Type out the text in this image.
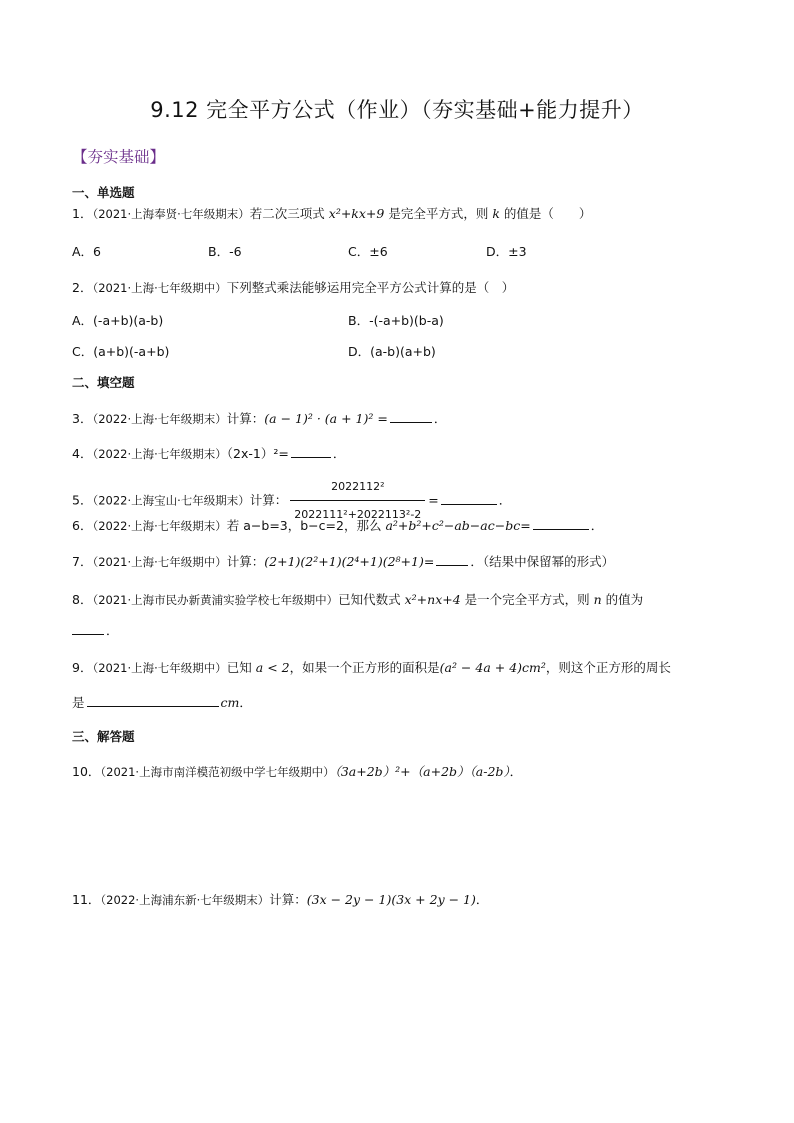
9.12 完全平方公式（作业）（夯实基础+能力提升）
【夯实基础】
一、单选题
1．（2021·上海奉贤·七年级期末）若二次三项式 x²+kx+9 是完全平方式，则 k 的值是（　　）
A．6	B．-6	C．±6	D．±3
2．（2021·上海·七年级期中）下列整式乘法能够运用完全平方公式计算的是（　）
A．(-a+b)(a-b)	B．-(-a+b)(b-a)
C．(a+b)(-a+b)	D．(a-b)(a+b)
二、填空题
3．（2022·上海·七年级期末）计算：(a − 1)² · (a + 1)² =	．
4．（2022·上海·七年级期末）（2x-1）²=	．
5．（2022·上海宝山·七年级期末）计算： $\frac{\text{2022112²}}{\text{2022111²+2022113²-2}}$ =	．
6．（2022·上海·七年级期末）若 a−b=3，b−c=2，那么 a²+b²+c²−ab−ac−bc=	．
7．（2021·上海·七年级期中）计算：(2+1)(2²+1)(2⁴+1)(2⁸+1)=	．（结果中保留幂的形式）
8．（2021·上海市民办新黄浦实验学校七年级期中）已知代数式 x²+nx+4 是一个完全平方式，则 n 的值为
．
9．（2021·上海·七年级期中）已知 a < 2，如果一个正方形的面积是(a² − 4a + 4)cm²，则这个正方形的周长
是	cm．
三、解答题
10．（2021·上海市南洋模范初级中学七年级期中）（3a+2b）²+（a+2b）（a-2b）．
11．（2022·上海浦东新·七年级期末）计算：(3x − 2y − 1)(3x + 2y − 1)．
